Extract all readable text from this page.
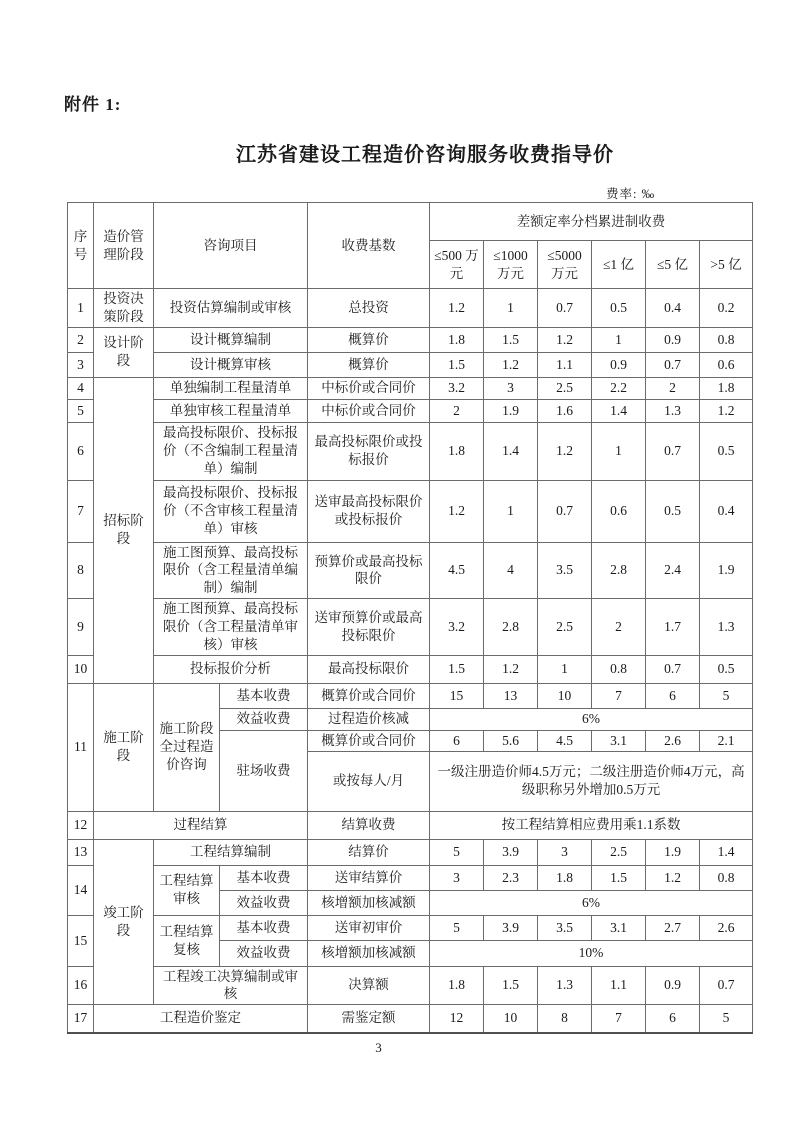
附件 1:
江苏省建设工程造价咨询服务收费指导价
费率: ‰
序号	造价管理阶段	咨询项目		收费基数	差额定率分档累进制收费					
					≤500 万元	≤1000万元	≤5000万元	≤1 亿	≤5 亿	>5 亿
1	投资决策阶段	投资估算编制或审核		总投资	1.2	1	0.7	0.5	0.4	0.2
2	设计阶段	设计概算编制		概算价	1.8	1.5	1.2	1	0.9	0.8
3		设计概算审核		概算价	1.5	1.2	1.1	0.9	0.7	0.6
4	招标阶段	单独编制工程量清单		中标价或合同价	3.2	3	2.5	2.2	2	1.8
5		单独审核工程量清单		中标价或合同价	2	1.9	1.6	1.4	1.3	1.2
6		最高投标限价、投标报价（不含编制工程量清单）编制		最高投标限价或投标报价	1.8	1.4	1.2	1	0.7	0.5
7		最高投标限价、投标报价（不含审核工程量清单）审核		送审最高投标限价或投标报价	1.2	1	0.7	0.6	0.5	0.4
8		施工图预算、最高投标限价（含工程量清单编制）编制		预算价或最高投标限价	4.5	4	3.5	2.8	2.4	1.9
9		施工图预算、最高投标限价（含工程量清单审核）审核		送审预算价或最高投标限价	3.2	2.8	2.5	2	1.7	1.3
10		投标报价分析		最高投标限价	1.5	1.2	1	0.8	0.7	0.5
11	施工阶段	施工阶段全过程造价咨询	基本收费	概算价或合同价	15	13	10	7	6	5
			效益收费	过程造价核减	6%					
			驻场收费	概算价或合同价	6	5.6	4.5	3.1	2.6	2.1
				或按每人/月	一级注册造价师4.5万元；二级注册造价师4万元，高级职称另外增加0.5万元					
12	过程结算			结算收费	按工程结算相应费用乘1.1系数					
13	竣工阶段	工程结算编制		结算价	5	3.9	3	2.5	1.9	1.4
14		工程结算审核	基本收费	送审结算价	3	2.3	1.8	1.5	1.2	0.8
			效益收费	核增额加核减额	6%					
15		工程结算复核	基本收费	送审初审价	5	3.9	3.5	3.1	2.7	2.6
			效益收费	核增额加核减额	10%					
16		工程竣工决算编制或审核		决算额	1.8	1.5	1.3	1.1	0.9	0.7
17	工程造价鉴定			需鉴定额	12	10	8	7	6	5
3
